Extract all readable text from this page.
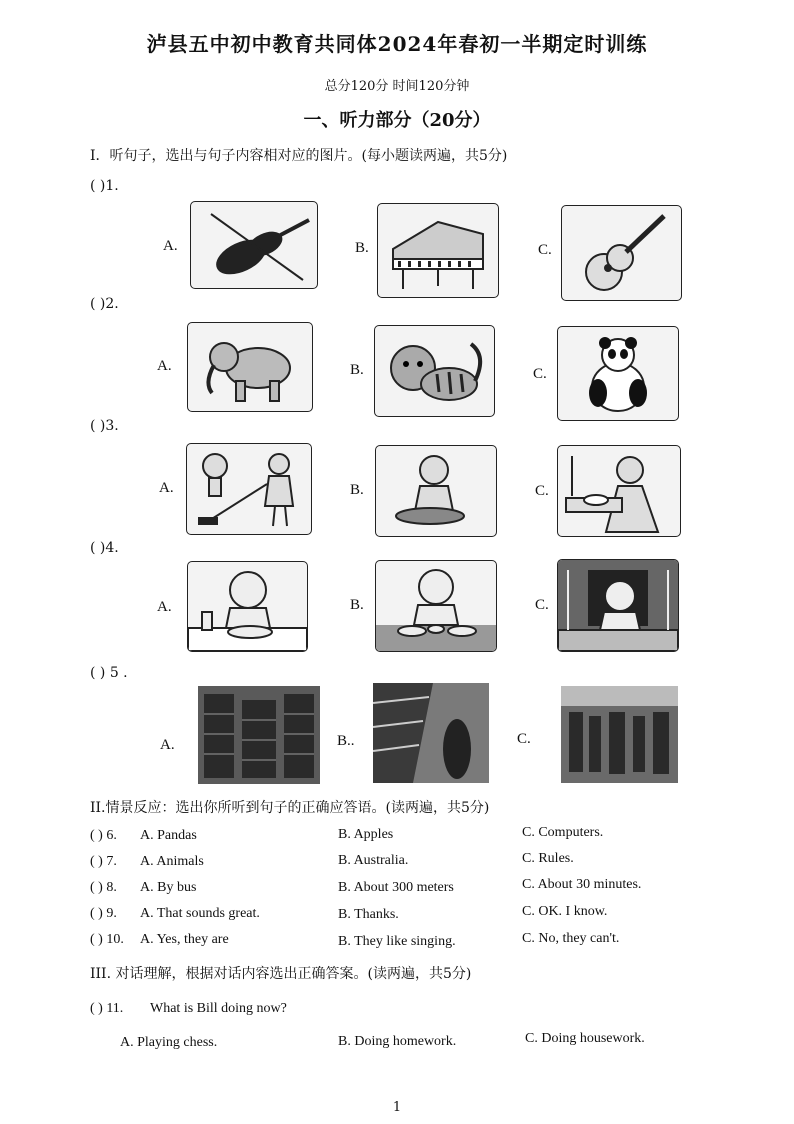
泸县五中初中教育共同体2024年春初一半期定时训练
总分120分 时间120分钟
一、听力部分（20分）
I．听句子，选出与句子内容相对应的图片。(每小题读两遍，共5分)
( )1.
A.	B.	C.
( )2.
A.	B.	C.
( )3.
A.	B.	C.
( )4.
A.	B.	C.
( ) 5 .
A.	B..	C.
II.情景反应：选出你所听到句子的正确应答语。(读两遍，共5分)
( ) 6. A. Pandas	B. Apples	C. Computers.
( ) 7. A. Animals	B. Australia.	C. Rules.
( ) 8. A. By bus	B. About 300 meters	C. About 30 minutes.
( ) 9. A. That sounds great.	B. Thanks.	C. OK. I know.
( ) 10. A. Yes, they are	B. They like singing.	C. No, they can't.
III. 对话理解，根据对话内容选出正确答案。(读两遍，共5分)
( ) 11. What is Bill doing now?
A. Playing chess.	B. Doing homework.	C. Doing housework.
1
